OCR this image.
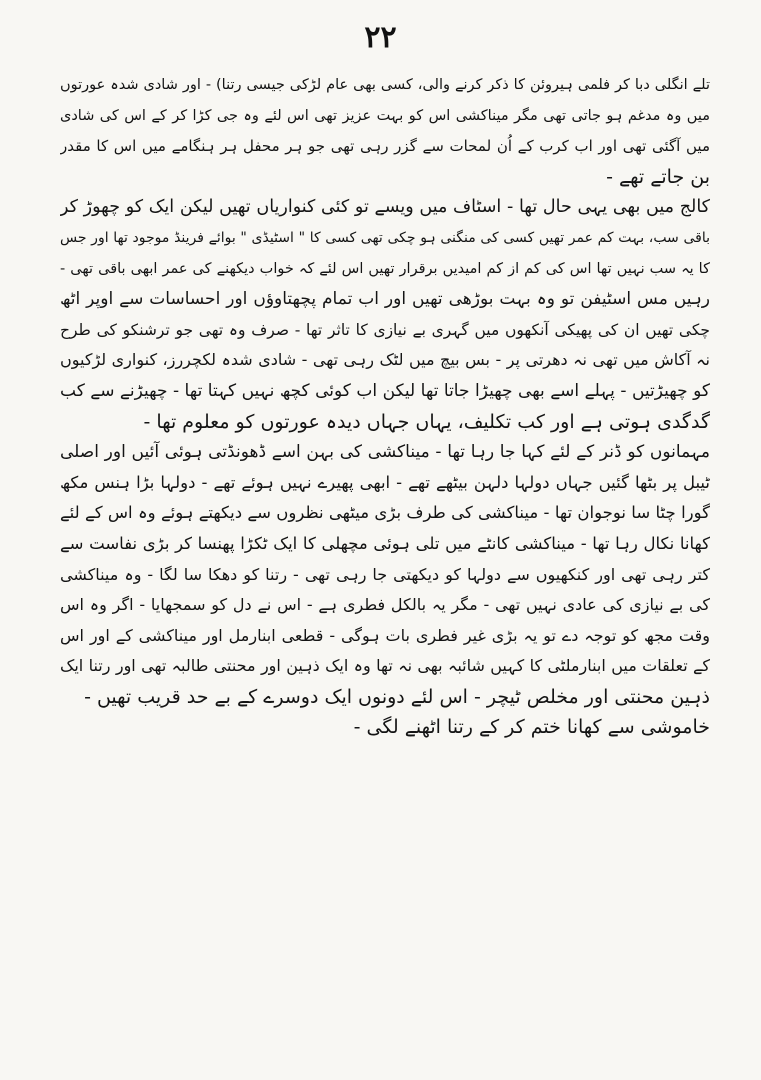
۲۲
تلے انگلی دبا کر فلمی ہیروئن کا ذکر کرنے والی، کسی بھی عام لڑکی جیسی رتنا) - اور شادی شدہ عورتوں
میں وہ مدغم ہو جاتی تھی مگر میناکشی اس کو بہت عزیز تھی اس لئے وہ جی کڑا کر کے اس کی شادی
میں آگئی تھی اور اب کرب کے اُن لمحات سے گزر رہی تھی جو ہر محفل ہر ہنگامے میں اس کا مقدر
بن جاتے تھے -
کالج میں بھی یہی حال تھا - اسٹاف میں ویسے تو کئی کنواریاں تھیں لیکن ایک کو چھوڑ کر
باقی سب، بہت کم عمر تھیں کسی کی منگنی ہو چکی تھی کسی کا " اسٹیڈی " بوائے فرینڈ موجود تھا اور جس
کا یہ سب نہیں تھا اس کی کم از کم امیدیں برقرار تھیں اس لئے کہ خواب دیکھنے کی عمر ابھی باقی تھی -
رہیں مس اسٹیفن تو وہ بہت بوڑھی تھیں اور اب تمام پچھتاوؤں اور احساسات سے اوپر اٹھ
چکی تھیں ان کی پھیکی آنکھوں میں گہری بے نیازی کا تاثر تھا - صرف وہ تھی جو ترشنکو کی طرح
نہ آکاش میں تھی نہ دھرتی پر - بس بیچ میں لٹک رہی تھی - شادی شدہ لکچررز، کنواری لڑکیوں
کو چھیڑتیں - پہلے اسے بھی چھیڑا جاتا تھا لیکن اب کوئی کچھ نہیں کہتا تھا - چھیڑنے سے کب
گدگدی ہوتی ہے اور کب تکلیف، یہاں جہاں دیدہ عورتوں کو معلوم تھا -
مہمانوں کو ڈنر کے لئے کہا جا رہا تھا - میناکشی کی بہن اسے ڈھونڈتی ہوئی آئیں اور اصلی
ٹیبل پر بٹھا گئیں جہاں دولہا دلہن بیٹھے تھے - ابھی پھیرے نہیں ہوئے تھے - دولہا بڑا ہنس مکھ
گورا چٹا سا نوجوان تھا - میناکشی کی طرف بڑی میٹھی نظروں سے دیکھتے ہوئے وہ اس کے لئے
کھانا نکال رہا تھا - میناکشی کانٹے میں تلی ہوئی مچھلی کا ایک ٹکڑا پھنسا کر بڑی نفاست سے
کتر رہی تھی اور کنکھیوں سے دولہا کو دیکھتی جا رہی تھی - رتنا کو دھکا سا لگا - وہ میناکشی
کی بے نیازی کی عادی نہیں تھی - مگر یہ بالکل فطری ہے - اس نے دل کو سمجھایا - اگر وہ اس
وقت مجھ کو توجہ دے تو یہ بڑی غیر فطری بات ہوگی - قطعی ابنارمل اور میناکشی کے اور اس
کے تعلقات میں ابنارملٹی کا کہیں شائبہ بھی نہ تھا وہ ایک ذہین اور محنتی طالبہ تھی اور رتنا ایک
ذہین محنتی اور مخلص ٹیچر - اس لئے دونوں ایک دوسرے کے بے حد قریب تھیں -
خاموشی سے کھانا ختم کر کے رتنا اٹھنے لگی -
